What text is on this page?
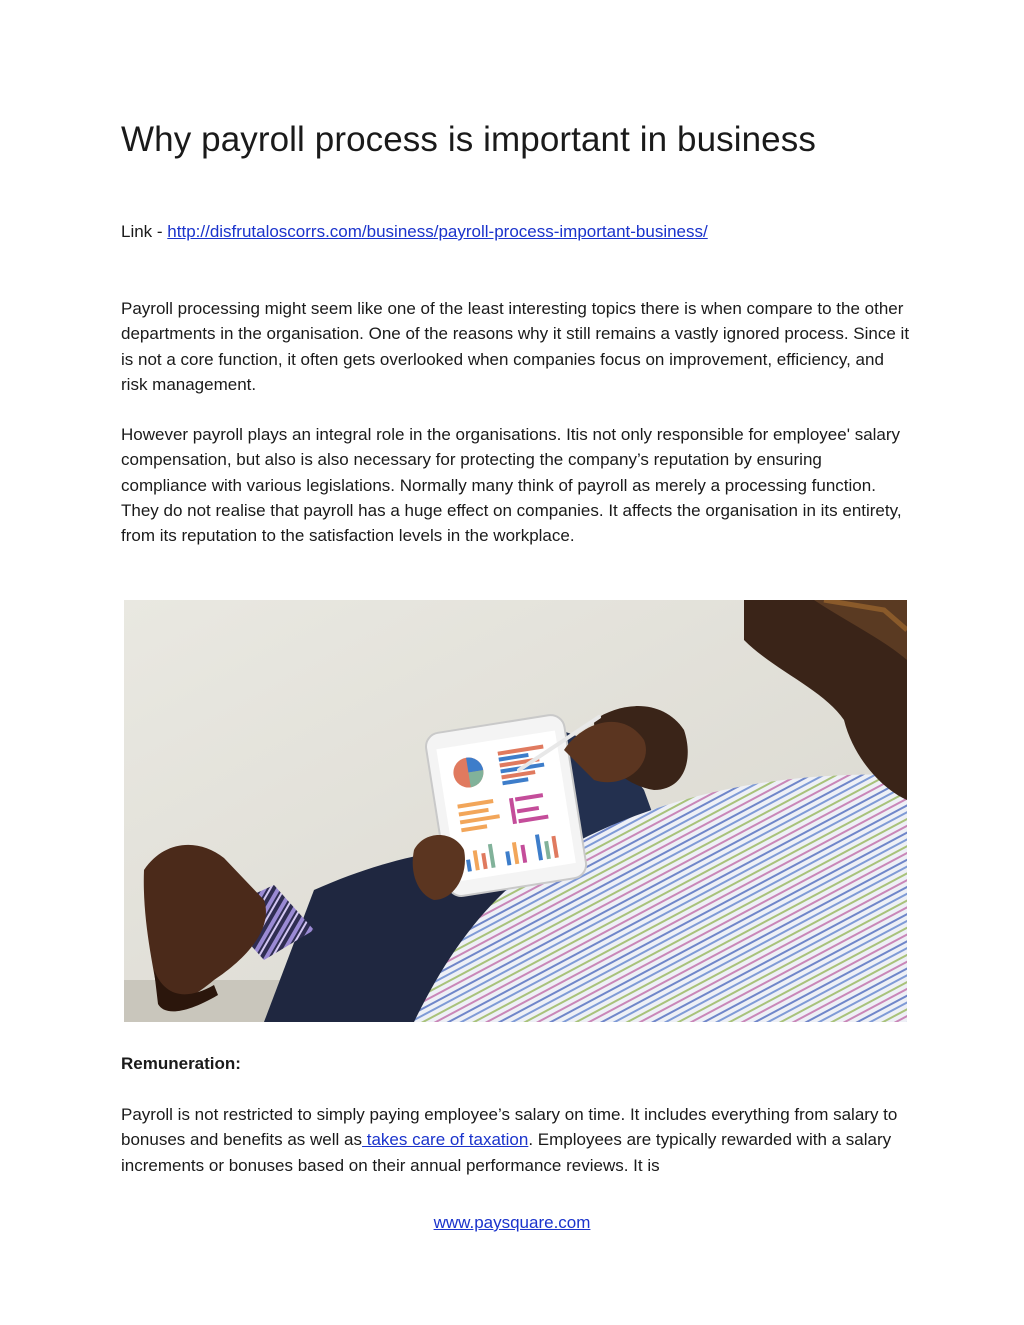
Why payroll process is important in business
Link - http://disfrutaloscorrs.com/business/payroll-process-important-business/

Payroll processing might seem like one of the least interesting topics there is when compare to the other departments in the organisation. One of the reasons why it still remains a vastly ignored process. Since it is not a core function, it often gets overlooked when companies focus on improvement, efficiency, and risk management.

However payroll plays an integral role in the organisations. Itis not only responsible for employee' salary compensation, but also is also necessary for protecting the company’s reputation by ensuring compliance with various legislations. Normally many think of payroll as merely a processing function. They do not realise that payroll has a huge effect on companies. It affects the organisation in its entirety, from its reputation to the satisfaction levels in the workplace.

Remuneration:

Payroll is not restricted to simply paying employee’s salary on time. It includes everything from salary to bonuses and benefits as well as takes care of taxation. Employees are typically rewarded with a salary increments or bonuses based on their annual performance reviews. It is

www.paysquare.com
